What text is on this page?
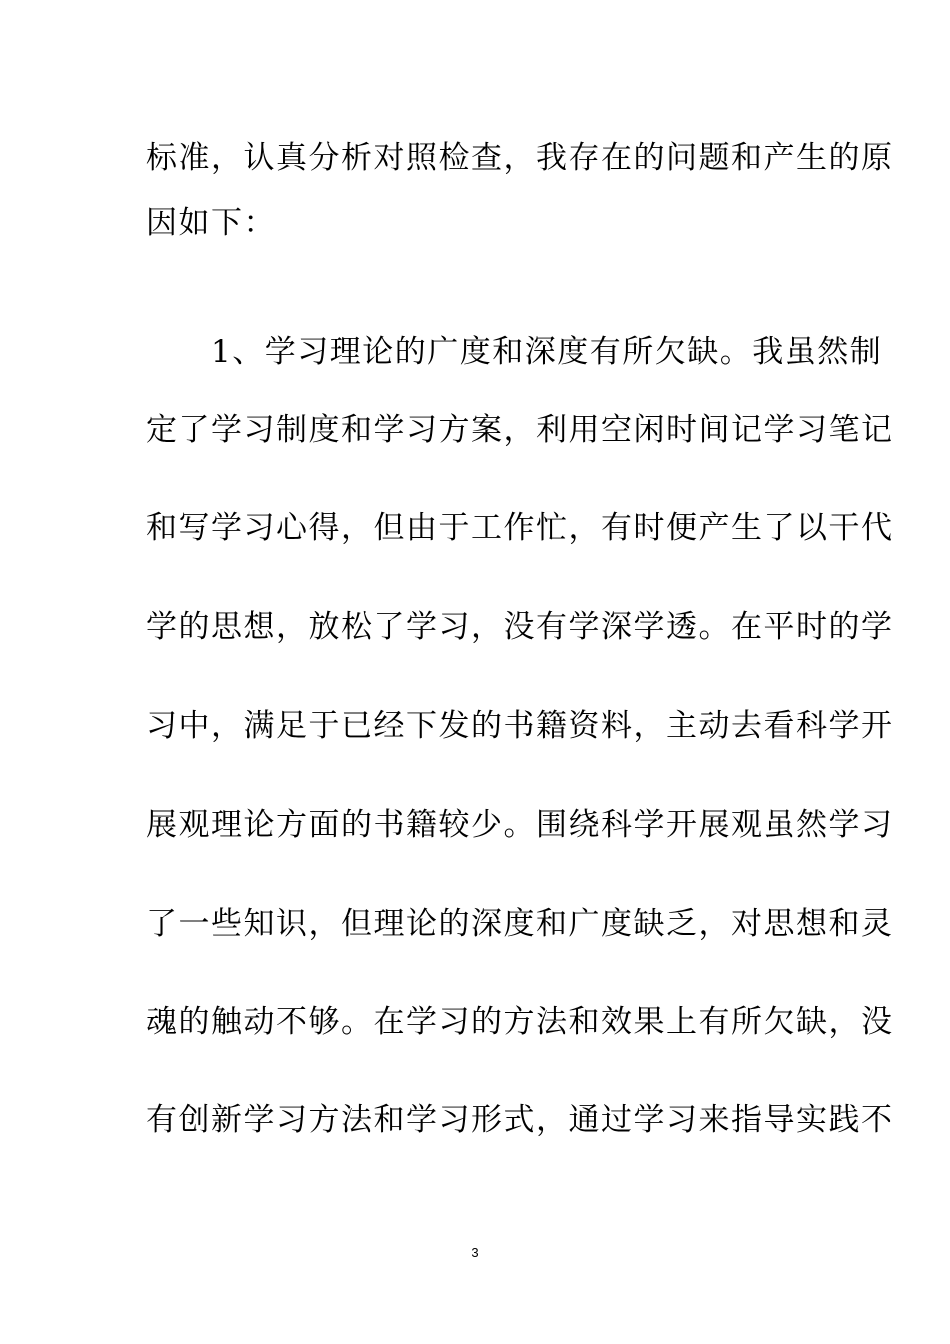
标准，认真分析对照检查，我存在的问题和产生的原
因如下：
　　1、学习理论的广度和深度有所欠缺。我虽然制
定了学习制度和学习方案，利用空闲时间记学习笔记
和写学习心得，但由于工作忙，有时便产生了以干代
学的思想，放松了学习，没有学深学透。在平时的学
习中，满足于已经下发的书籍资料，主动去看科学开
展观理论方面的书籍较少。围绕科学开展观虽然学习
了一些知识，但理论的深度和广度缺乏，对思想和灵
魂的触动不够。在学习的方法和效果上有所欠缺，没
有创新学习方法和学习形式，通过学习来指导实践不
3
